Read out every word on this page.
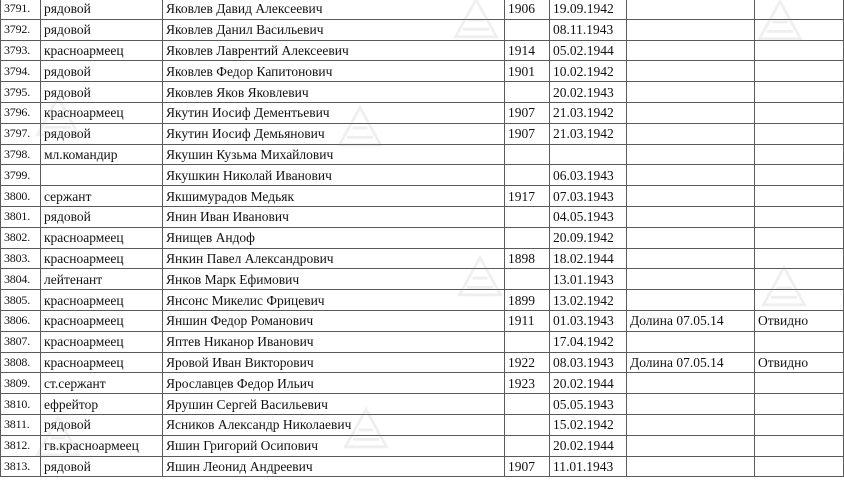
3791.	рядовой	Яковлев Давид Алексеевич	1906	19.09.1942		
3792.	рядовой	Яковлев Данил Васильевич		08.11.1943		
3793.	красноармеец	Яковлев Лаврентий Алексеевич	1914	05.02.1944		
3794.	рядовой	Яковлев Федор Капитонович	1901	10.02.1942		
3795.	рядовой	Яковлев Яков Яковлевич		20.02.1943		
3796.	красноармеец	Якутин Иосиф Дементьевич	1907	21.03.1942		
3797.	рядовой	Якутин Иосиф Демьянович	1907	21.03.1942		
3798.	мл.командир	Якушин Кузьма Михайлович				
3799.		Якушкин Николай Иванович		06.03.1943		
3800.	сержант	Якшимурадов Медьяк	1917	07.03.1943		
3801.	рядовой	Янин Иван Иванович		04.05.1943		
3802.	красноармеец	Янищев Андоф		20.09.1942		
3803.	красноармеец	Янкин Павел Александрович	1898	18.02.1944		
3804.	лейтенант	Янков Марк Ефимович		13.01.1943		
3805.	красноармеец	Янсонс Микелис Фрицевич	1899	13.02.1942		
3806.	красноармеец	Яншин Федор Романович	1911	01.03.1943	Долина 07.05.14	Отвидно
3807.	красноармеец	Яптев Никанор Иванович		17.04.1942		
3808.	красноармеец	Яровой Иван Викторович	1922	08.03.1943	Долина 07.05.14	Отвидно
3809.	ст.сержант	Ярославцев Федор Ильич	1923	20.02.1944		
3810.	ефрейтор	Ярушин Сергей Васильевич		05.05.1943		
3811.	рядовой	Ясников Александр Николаевич		15.02.1942		
3812.	гв.красноармеец	Яшин Григорий Осипович		20.02.1944		
3813.	рядовой	Яшин Леонид Андреевич	1907	11.01.1943		
